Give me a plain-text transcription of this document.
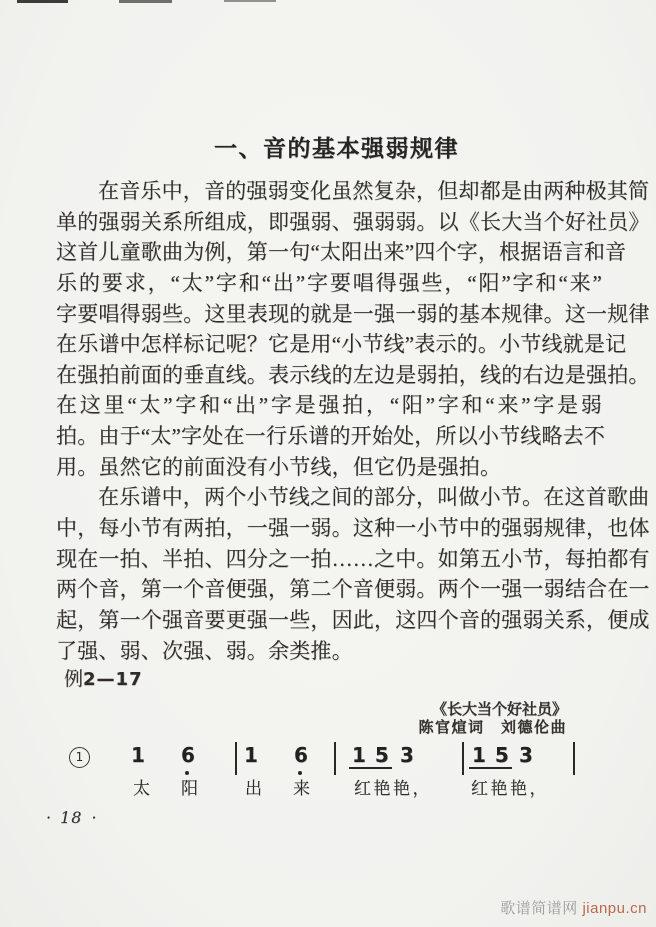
一、音的基本强弱规律
在音乐中，音的强弱变化虽然复杂，但却都是由两种极其简
单的强弱关系所组成，即强弱、强弱弱。以《长大当个好社员》
这首儿童歌曲为例，第一句“太阳出来”四个字，根据语言和音
乐的要求，“太”字和“出”字要唱得强些，“阳”字和“来”
字要唱得弱些。这里表现的就是一强一弱的基本规律。这一规律
在乐谱中怎样标记呢？它是用“小节线”表示的。小节线就是记
在强拍前面的垂直线。表示线的左边是弱拍，线的右边是强拍。
在这里“太”字和“出”字是强拍，“阳”字和“来”字是弱
拍。由于“太”字处在一行乐谱的开始处，所以小节线略去不
用。虽然它的前面没有小节线，但它仍是强拍。
在乐谱中，两个小节线之间的部分，叫做小节。在这首歌曲
中，每小节有两拍，一强一弱。这种一小节中的强弱规律，也体
现在一拍、半拍、四分之一拍……之中。如第五小节，每拍都有
两个音，第一个音便强，第二个音便弱。两个一强一弱结合在一
起，第一个强音要更强一些，因此，这四个音的强弱关系，便成
了强、弱、次强、弱。余类推。
例2—17
《长大当个好社员》
陈官煊词　刘德伦曲
1	1 6 1 6 1 5 3	1 5 3
太 阳	出 来	红艳艳， 红艳艳，
· 18 ·
歌谱简谱网 jianpu.cn
